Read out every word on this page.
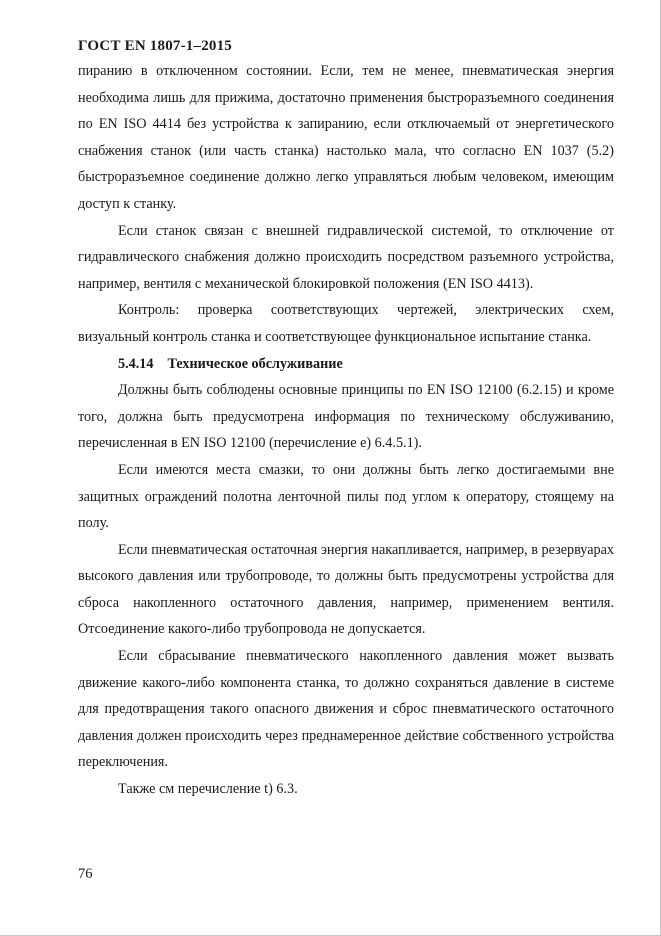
ГОСТ EN 1807-1–2015

пиранию в отключенном состоянии. Если, тем не менее, пневматическая энергия необходима лишь для прижима, достаточно применения быстроразъемного соединения по EN ISO 4414 без устройства к запиранию, если отключаемый от энергетического снабжения станок (или часть станка) настолько мала, что согласно EN 1037 (5.2) быстроразъемное соединение должно легко управляться любым человеком, имеющим доступ к станку.

Если станок связан с внешней гидравлической системой, то отключение от гидравлического снабжения должно происходить посредством разъемного устройства, например, вентиля с механической блокировкой положения (EN ISO 4413).

Контроль: проверка соответствующих чертежей, электрических схем, визуальный контроль станка и соответствующее функциональное испытание станка.

5.4.14 Техническое обслуживание

Должны быть соблюдены основные принципы по EN ISO 12100 (6.2.15) и кроме того, должна быть предусмотрена информация по техническому обслуживанию, перечисленная в EN ISO 12100 (перечисление е) 6.4.5.1).

Если имеются места смазки, то они должны быть легко достигаемыми вне защитных ограждений полотна ленточной пилы под углом к оператору, стоящему на полу.

Если пневматическая остаточная энергия накапливается, например, в резервуарах высокого давления или трубопроводе, то должны быть предусмотрены устройства для сброса накопленного остаточного давления, например, применением вентиля. Отсоединение какого-либо трубопровода не допускается.

Если сбрасывание пневматического накопленного давления может вызвать движение какого-либо компонента станка, то должно сохраняться давление в системе для предотвращения такого опасного движения и сброс пневматического остаточного давления должен происходить через преднамеренное действие собственного устройства переключения.

Также см перечисление t) 6.3.

76
